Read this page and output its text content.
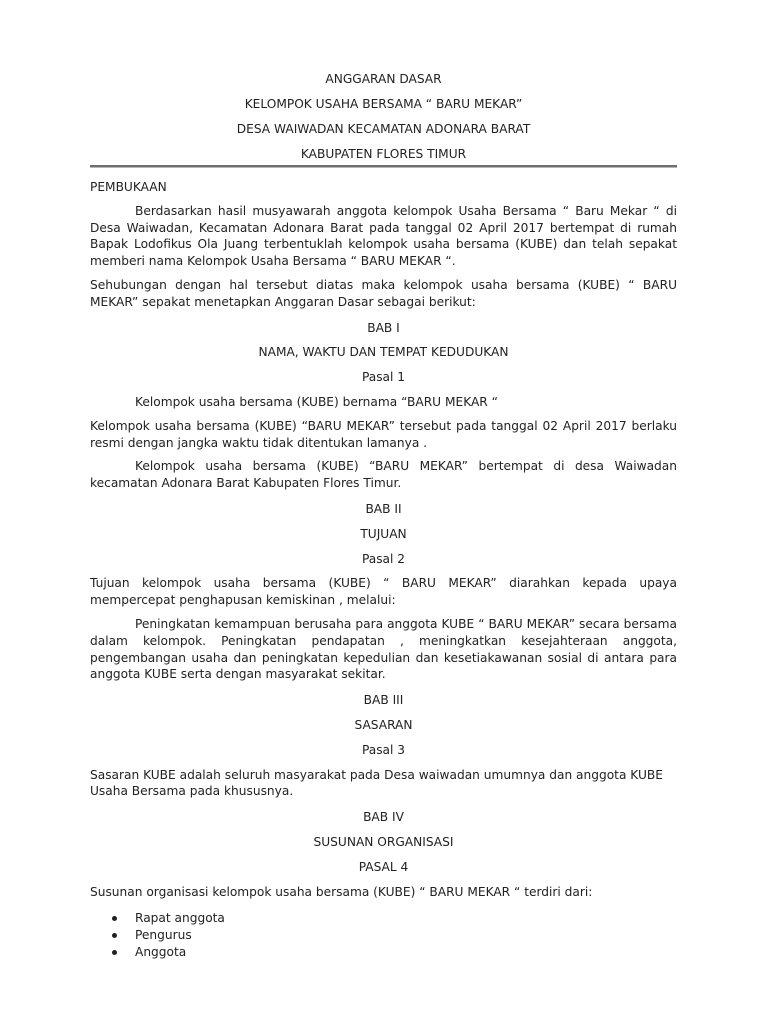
ANGGARAN DASAR

KELOMPOK USAHA BERSAMA “ BARU MEKAR”

DESA WAIWADAN KECAMATAN ADONARA BARAT

KABUPATEN FLORES TIMUR

PEMBUKAAN

Berdasarkan hasil musyawarah anggota kelompok Usaha Bersama “ Baru Mekar “ di Desa Waiwadan, Kecamatan Adonara Barat pada tanggal 02 April 2017 bertempat di rumah Bapak Lodofikus Ola Juang terbentuklah kelompok usaha bersama (KUBE) dan telah sepakat memberi nama Kelompok Usaha Bersama “ BARU MEKAR “.

Sehubungan dengan hal tersebut diatas maka kelompok usaha bersama (KUBE) “ BARU MEKAR” sepakat menetapkan Anggaran Dasar sebagai berikut:

BAB I

NAMA, WAKTU DAN TEMPAT KEDUDUKAN

Pasal 1

Kelompok usaha bersama (KUBE) bernama “BARU MEKAR “

Kelompok usaha bersama (KUBE) “BARU MEKAR” tersebut pada tanggal 02 April 2017 berlaku resmi dengan jangka waktu tidak ditentukan lamanya .

Kelompok usaha bersama (KUBE) “BARU MEKAR” bertempat di desa Waiwadan kecamatan Adonara Barat Kabupaten Flores Timur.

BAB II

TUJUAN

Pasal 2

Tujuan kelompok usaha bersama (KUBE) “ BARU MEKAR” diarahkan kepada upaya mempercepat penghapusan kemiskinan , melalui:

Peningkatan kemampuan berusaha para anggota KUBE “ BARU MEKAR” secara bersama dalam kelompok. Peningkatan pendapatan , meningkatkan kesejahteraan anggota, pengembangan usaha dan peningkatan kepedulian dan kesetiakawanan sosial di antara para anggota KUBE serta dengan masyarakat sekitar.

BAB III

SASARAN

Pasal 3

Sasaran KUBE adalah seluruh masyarakat pada Desa waiwadan umumnya dan anggota KUBE Usaha Bersama pada khususnya.

BAB IV

SUSUNAN ORGANISASI

PASAL 4

Susunan organisasi kelompok usaha bersama (KUBE) “ BARU MEKAR “ terdiri dari:

Rapat anggota
Pengurus
Anggota
